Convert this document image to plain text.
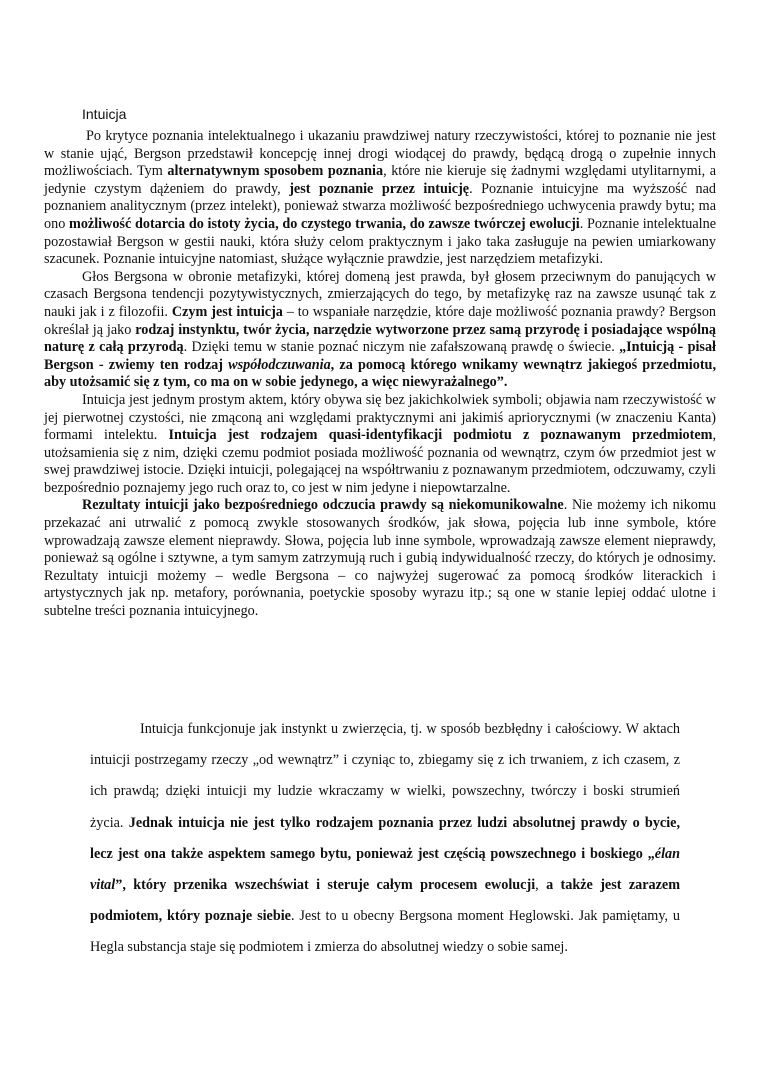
Intuicja

Po krytyce poznania intelektualnego i ukazaniu prawdziwej natury rzeczywistości, której to poznanie nie jest w stanie ująć, Bergson przedstawił koncepcję innej drogi wiodącej do prawdy, będącą drogą o zupełnie innych możliwościach. Tym alternatywnym sposobem poznania, które nie kieruje się żadnymi względami utylitarnymi, a jedynie czystym dążeniem do prawdy, jest poznanie przez intuicję. Poznanie intuicyjne ma wyższość nad poznaniem analitycznym (przez intelekt), ponieważ stwarza możliwość bezpośredniego uchwycenia prawdy bytu; ma ono możliwość dotarcia do istoty życia, do czystego trwania, do zawsze twórczej ewolucji. Poznanie intelektualne pozostawiał Bergson w gestii nauki, która służy celom praktycznym i jako taka zasługuje na pewien umiarkowany szacunek. Poznanie intuicyjne natomiast, służące wyłącznie prawdzie, jest narzędziem metafizyki.

Głos Bergsona w obronie metafizyki, której domeną jest prawda, był głosem przeciwnym do panujących w czasach Bergsona tendencji pozytywistycznych, zmierzających do tego, by metafizykę raz na zawsze usunąć tak z nauki jak i z filozofii. Czym jest intuicja – to wspaniałe narzędzie, które daje możliwość poznania prawdy? Bergson określał ją jako rodzaj instynktu, twór życia, narzędzie wytworzone przez samą przyrodę i posiadające wspólną naturę z całą przyrodą. Dzięki temu w stanie poznać niczym nie zafałszowaną prawdę o świecie. „Intuicją - pisał Bergson - zwiemy ten rodzaj współodczuwania, za pomocą którego wnikamy wewnątrz jakiegoś przedmiotu, aby utożsamić się z tym, co ma on w sobie jedynego, a więc niewyrażalnego”.

Intuicja jest jednym prostym aktem, który obywa się bez jakichkolwiek symboli; objawia nam rzeczywistość w jej pierwotnej czystości, nie zmąconą ani względami praktycznymi ani jakimiś apriorycznymi (w znaczeniu Kanta) formami intelektu. Intuicja jest rodzajem quasi-identyfikacji podmiotu z poznawanym przedmiotem, utożsamienia się z nim, dzięki czemu podmiot posiada możliwość poznania od wewnątrz, czym ów przedmiot jest w swej prawdziwej istocie. Dzięki intuicji, polegającej na współtrwaniu z poznawanym przedmiotem, odczuwamy, czyli bezpośrednio poznajemy jego ruch oraz to, co jest w nim jedyne i niepowtarzalne.

Rezultaty intuicji jako bezpośredniego odczucia prawdy są niekomunikowalne. Nie możemy ich nikomu przekazać ani utrwalić z pomocą zwykle stosowanych środków, jak słowa, pojęcia lub inne symbole, które wprowadzają zawsze element nieprawdy. Słowa, pojęcia lub inne symbole, wprowadzają zawsze element nieprawdy, ponieważ są ogólne i sztywne, a tym samym zatrzymują ruch i gubią indywidualność rzeczy, do których je odnosimy. Rezultaty intuicji możemy – wedle Bergsona – co najwyżej sugerować za pomocą środków literackich i artystycznych jak np. metafory, porównania, poetyckie sposoby wyrazu itp.; są one w stanie lepiej oddać ulotne i subtelne treści poznania intuicyjnego.

Intuicja funkcjonuje jak instynkt u zwierzęcia, tj. w sposób bezbłędny i całościowy. W aktach intuicji postrzegamy rzeczy „od wewnątrz” i czyniąc to, zbiegamy się z ich trwaniem, z ich czasem, z ich prawdą; dzięki intuicji my ludzie wkraczamy w wielki, powszechny, twórczy i boski strumień życia. Jednak intuicja nie jest tylko rodzajem poznania przez ludzi absolutnej prawdy o bycie, lecz jest ona także aspektem samego bytu, ponieważ jest częścią powszechnego i boskiego „élan vital”, który przenika wszechświat i steruje całym procesem ewolucji, a także jest zarazem podmiotem, który poznaje siebie. Jest to u obecny Bergsona moment Heglowski. Jak pamiętamy, u Hegla substancja staje się podmiotem i zmierza do absolutnej wiedzy o sobie samej.
